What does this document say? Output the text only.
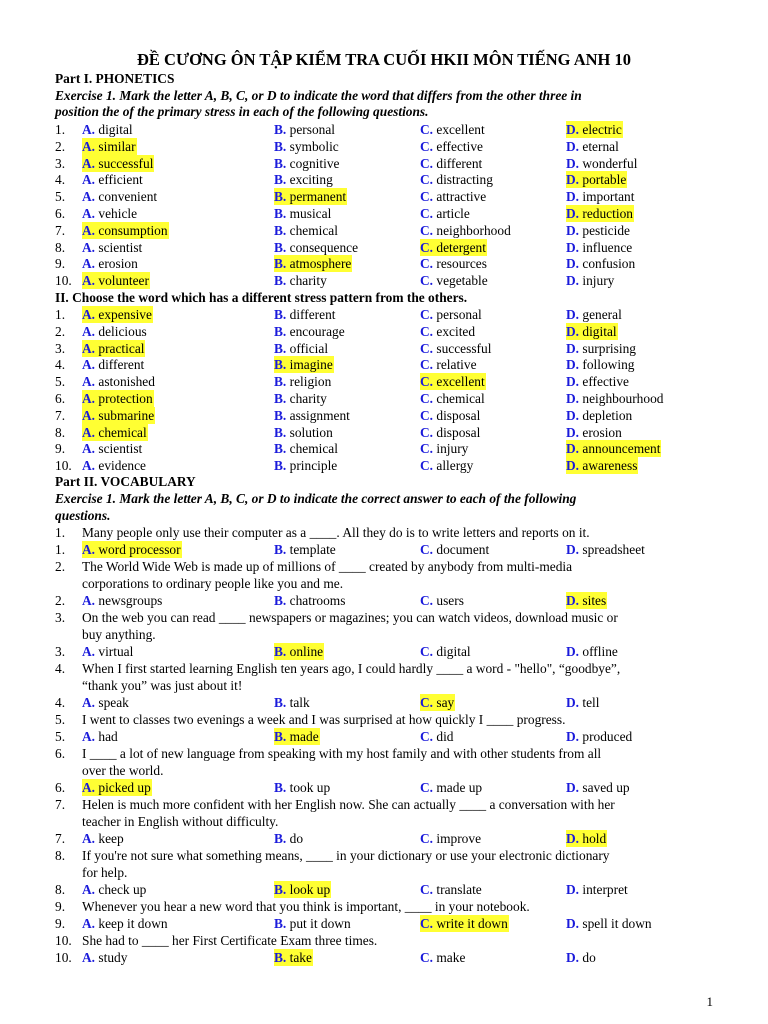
ĐỀ CƯƠNG ÔN TẬP KIỂM TRA CUỐI HKII MÔN TIẾNG ANH 10
Part I. PHONETICS
Exercise 1. Mark the letter A, B, C, or D to indicate the word that differs from the other three in
position the of the primary stress in each of the following questions.
1. A. digital	B. personal	C. excellent	D. electric
2. A. similar	B. symbolic	C. effective	D. eternal
3. A. successful	B. cognitive	C. different	D. wonderful
4. A. efficient	B. exciting	C. distracting	D. portable
5. A. convenient	B. permanent	C. attractive	D. important
6. A. vehicle	B. musical	C. article	D. reduction
7. A. consumption	B. chemical	C. neighborhood	D. pesticide
8. A. scientist	B. consequence	C. detergent	D. influence
9. A. erosion	B. atmosphere	C. resources	D. confusion
10. A. volunteer	B. charity	C. vegetable	D. injury
II. Choose the word which has a different stress pattern from the others.
1. A. expensive	B. different	C. personal	D. general
2. A. delicious	B. encourage	C. excited	D. digital
3. A. practical	B. official	C. successful	D. surprising
4. A. different	B. imagine	C. relative	D. following
5. A. astonished	B. religion	C. excellent	D. effective
6. A. protection	B. charity	C. chemical	D. neighbourhood
7. A. submarine	B. assignment	C. disposal	D. depletion
8. A. chemical	B. solution	C. disposal	D. erosion
9. A. scientist	B. chemical	C. injury	D. announcement
10. A. evidence	B. principle	C. allergy	D. awareness
Part II. VOCABULARY
Exercise 1. Mark the letter A, B, C, or D to indicate the correct answer to each of the following
questions.
1. Many people only use their computer as a ____. All they do is to write letters and reports on it.
1. A. word processor	B. template	C. document	D. spreadsheet
2. The World Wide Web is made up of millions of ____ created by anybody from multi-media
corporations to ordinary people like you and me.
2. A. newsgroups	B. chatrooms	C. users	D. sites
3. On the web you can read ____ newspapers or magazines; you can watch videos, download music or
buy anything.
3. A. virtual	B. online	C. digital	D. offline
4. When I first started learning English ten years ago, I could hardly ____ a word - "hello", “goodbye”,
“thank you” was just about it!
4. A. speak	B. talk	C. say	D. tell
5. I went to classes two evenings a week and I was surprised at how quickly I ____ progress.
5. A. had	B. made	C. did	D. produced
6. I ____ a lot of new language from speaking with my host family and with other students from all
over the world.
6. A. picked up	B. took up	C. made up	D. saved up
7. Helen is much more confident with her English now. She can actually ____ a conversation with her
teacher in English without difficulty.
7. A. keep	B. do	C. improve	D. hold
8. If you're not sure what something means, ____ in your dictionary or use your electronic dictionary
for help.
8. A. check up	B. look up	C. translate	D. interpret
9. Whenever you hear a new word that you think is important, ____ in your notebook.
9. A. keep it down	B. put it down	C. write it down	D. spell it down
10. She had to ____ her First Certificate Exam three times.
10. A. study	B. take	C. make	D. do
1
